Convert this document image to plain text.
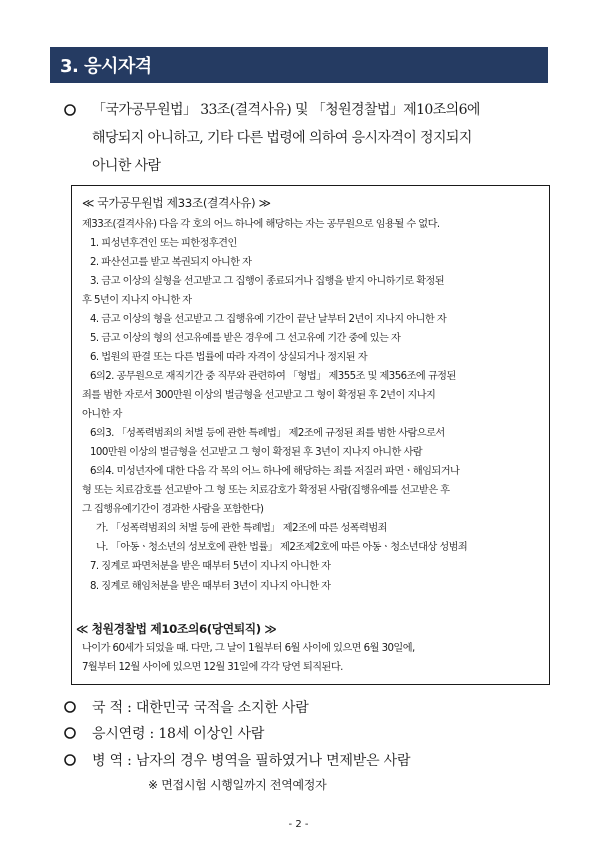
3. 응시자격
「국가공무원법」 33조(결격사유) 및 「청원경찰법」제10조의6에
해당되지 아니하고, 기타 다른 법령에 의하여 응시자격이 정지되지
아니한 사람
≪ 국가공무원법 제33조(결격사유) ≫
제33조(결격사유) 다음 각 호의 어느 하나에 해당하는 자는 공무원으로 임용될 수 없다.
1. 피성년후견인 또는 피한정후견인
2. 파산선고를 받고 복권되지 아니한 자
3. 금고 이상의 실형을 선고받고 그 집행이 종료되거나 집행을 받지 아니하기로 확정된
후 5년이 지나지 아니한 자
4. 금고 이상의 형을 선고받고 그 집행유예 기간이 끝난 날부터 2년이 지나지 아니한 자
5. 금고 이상의 형의 선고유예를 받은 경우에 그 선고유예 기간 중에 있는 자
6. 법원의 판결 또는 다른 법률에 따라 자격이 상실되거나 정지된 자
6의2. 공무원으로 재직기간 중 직무와 관련하여 「형법」 제355조 및 제356조에 규정된
죄를 범한 자로서 300만원 이상의 벌금형을 선고받고 그 형이 확정된 후 2년이 지나지
아니한 자
6의3. 「성폭력범죄의 처벌 등에 관한 특례법」 제2조에 규정된 죄를 범한 사람으로서
100만원 이상의 벌금형을 선고받고 그 형이 확정된 후 3년이 지나지 아니한 사람
6의4. 미성년자에 대한 다음 각 목의 어느 하나에 해당하는 죄를 저질러 파면ㆍ해임되거나
형 또는 치료감호를 선고받아 그 형 또는 치료감호가 확정된 사람(집행유예를 선고받은 후
그 집행유예기간이 경과한 사람을 포함한다)
가. 「성폭력범죄의 처벌 등에 관한 특례법」 제2조에 따른 성폭력범죄
나. 「아동ㆍ청소년의 성보호에 관한 법률」 제2조제2호에 따른 아동ㆍ청소년대상 성범죄
7. 징계로 파면처분을 받은 때부터 5년이 지나지 아니한 자
8. 징계로 해임처분을 받은 때부터 3년이 지나지 아니한 자
≪ 청원경찰법 제10조의6(당연퇴직) ≫
나이가 60세가 되었을 때. 다만, 그 날이 1월부터 6월 사이에 있으면 6월 30일에,
7월부터 12월 사이에 있으면 12월 31일에 각각 당연 퇴직된다.
국 적 : 대한민국 국적을 소지한 사람
응시연령 : 18세 이상인 사람
병 역 : 남자의 경우 병역을 필하였거나 면제받은 사람
※ 면접시험 시행일까지 전역예정자
- 2 -
